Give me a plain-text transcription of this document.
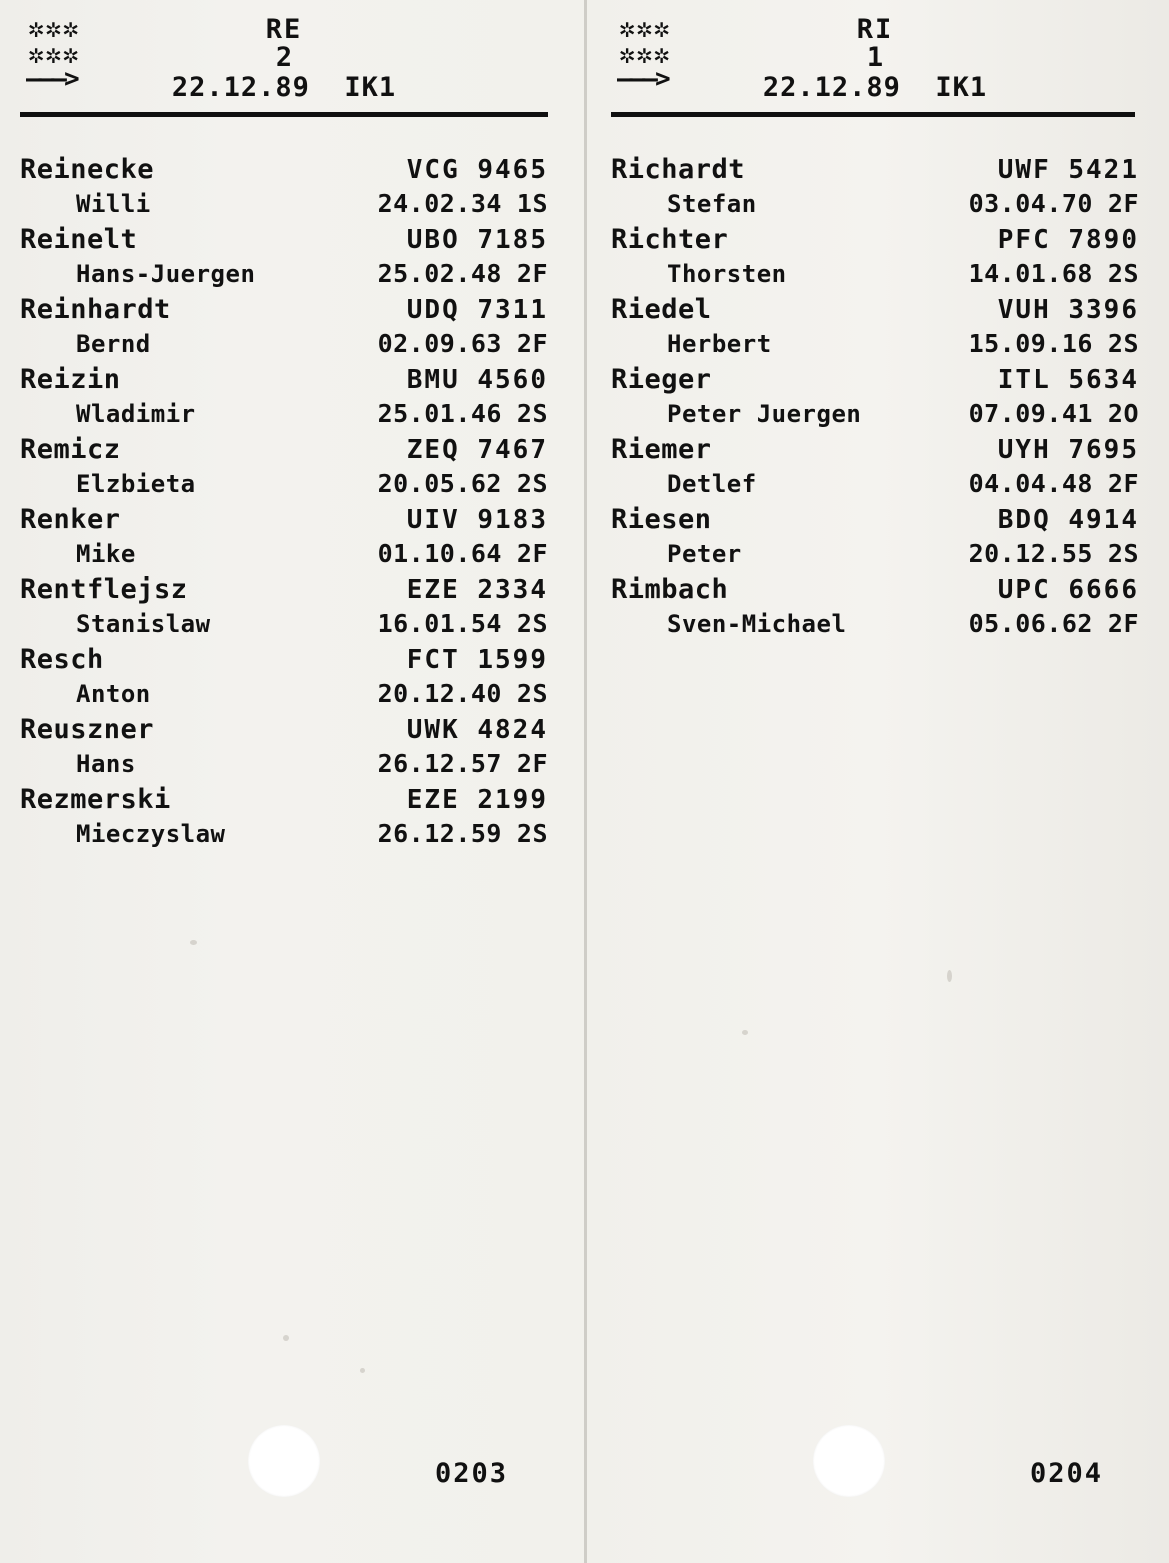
✲✲✲
✲✲✲
———>
RE
2
22.12.89 IK1
Reinecke	VCG 9465
Willi	24.02.34 1S
Reinelt	UBO 7185
Hans-Juergen	25.02.48 2F
Reinhardt	UDQ 7311
Bernd	02.09.63 2F
Reizin	BMU 4560
Wladimir	25.01.46 2S
Remicz	ZEQ 7467
Elzbieta	20.05.62 2S
Renker	UIV 9183
Mike	01.10.64 2F
Rentflejsz	EZE 2334
Stanislaw	16.01.54 2S
Resch	FCT 1599
Anton	20.12.40 2S
Reuszner	UWK 4824
Hans	26.12.57 2F
Rezmerski	EZE 2199
Mieczyslaw	26.12.59 2S
0203
✲✲✲
✲✲✲
———>
RI
1
22.12.89 IK1
Richardt	UWF 5421
Stefan	03.04.70 2F
Richter	PFC 7890
Thorsten	14.01.68 2S
Riedel	VUH 3396
Herbert	15.09.16 2S
Rieger	ITL 5634
Peter Juergen	07.09.41 2O
Riemer	UYH 7695
Detlef	04.04.48 2F
Riesen	BDQ 4914
Peter	20.12.55 2S
Rimbach	UPC 6666
Sven-Michael	05.06.62 2F
0204
